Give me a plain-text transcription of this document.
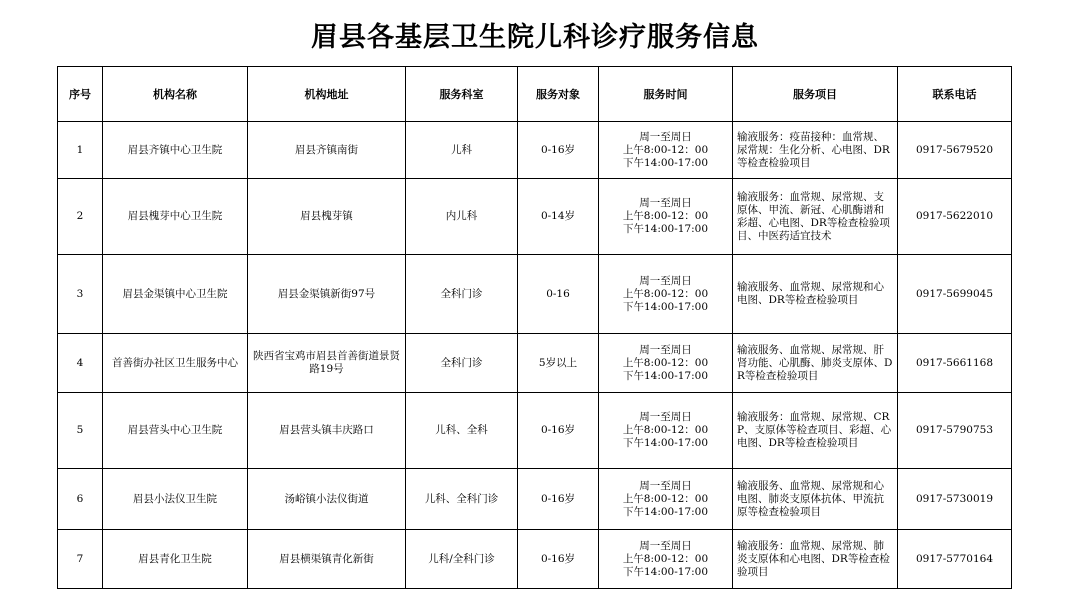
眉县各基层卫生院儿科诊疗服务信息
序号	机构名称	机构地址	服务科室	服务对象	服务时间	服务项目	联系电话
1	眉县齐镇中心卫生院	眉县齐镇南街	儿科	0-16岁	周一至周日
上午8:00-12：00
下午14:00-17:00	输液服务：疫苗接种：血常规、尿常规：生化分析、心电图、DR等检查检验项目	0917-5679520
2	眉县槐芽中心卫生院	眉县槐芽镇	内儿科	0-14岁	周一至周日
上午8:00-12：00
下午14:00-17:00	输液服务：血常规、尿常规、支原体、甲流、新冠、心肌酶谱和彩超、心电图、DR等检查检验项目、中医药适宜技术	0917-5622010
3	眉县金渠镇中心卫生院	眉县金渠镇新街97号	全科门诊	0-16	周一至周日
上午8:00-12：00
下午14:00-17:00	输液服务、血常规、尿常规和心电图、DR等检查检验项目	0917-5699045
4	首善街办社区卫生服务中心	陕西省宝鸡市眉县首善街道景贤路19号	全科门诊	5岁以上	周一至周日
上午8:00-12：00
下午14:00-17:00	输液服务、血常规、尿常规、肝肾功能、心肌酶、肺炎支原体、DR等检查检验项目	0917-5661168
5	眉县营头中心卫生院	眉县营头镇丰庆路口	儿科、全科	0-16岁	周一至周日
上午8:00-12：00
下午14:00-17:00	输液服务：血常规、尿常规、CRP、支原体等检查项目、彩超、心电图、DR等检查检验项目	0917-5790753
6	眉县小法仪卫生院	汤峪镇小法仪街道	儿科、全科门诊	0-16岁	周一至周日
上午8:00-12：00
下午14:00-17:00	输液服务、血常规、尿常规和心电图、肺炎支原体抗体、甲流抗原等检查检验项目	0917-5730019
7	眉县青化卫生院	眉县横渠镇青化新街	儿科/全科门诊	0-16岁	周一至周日
上午8:00-12：00
下午14:00-17:00	输液服务：血常规、尿常规、肺炎支原体和心电图、DR等检查检验项目	0917-5770164
